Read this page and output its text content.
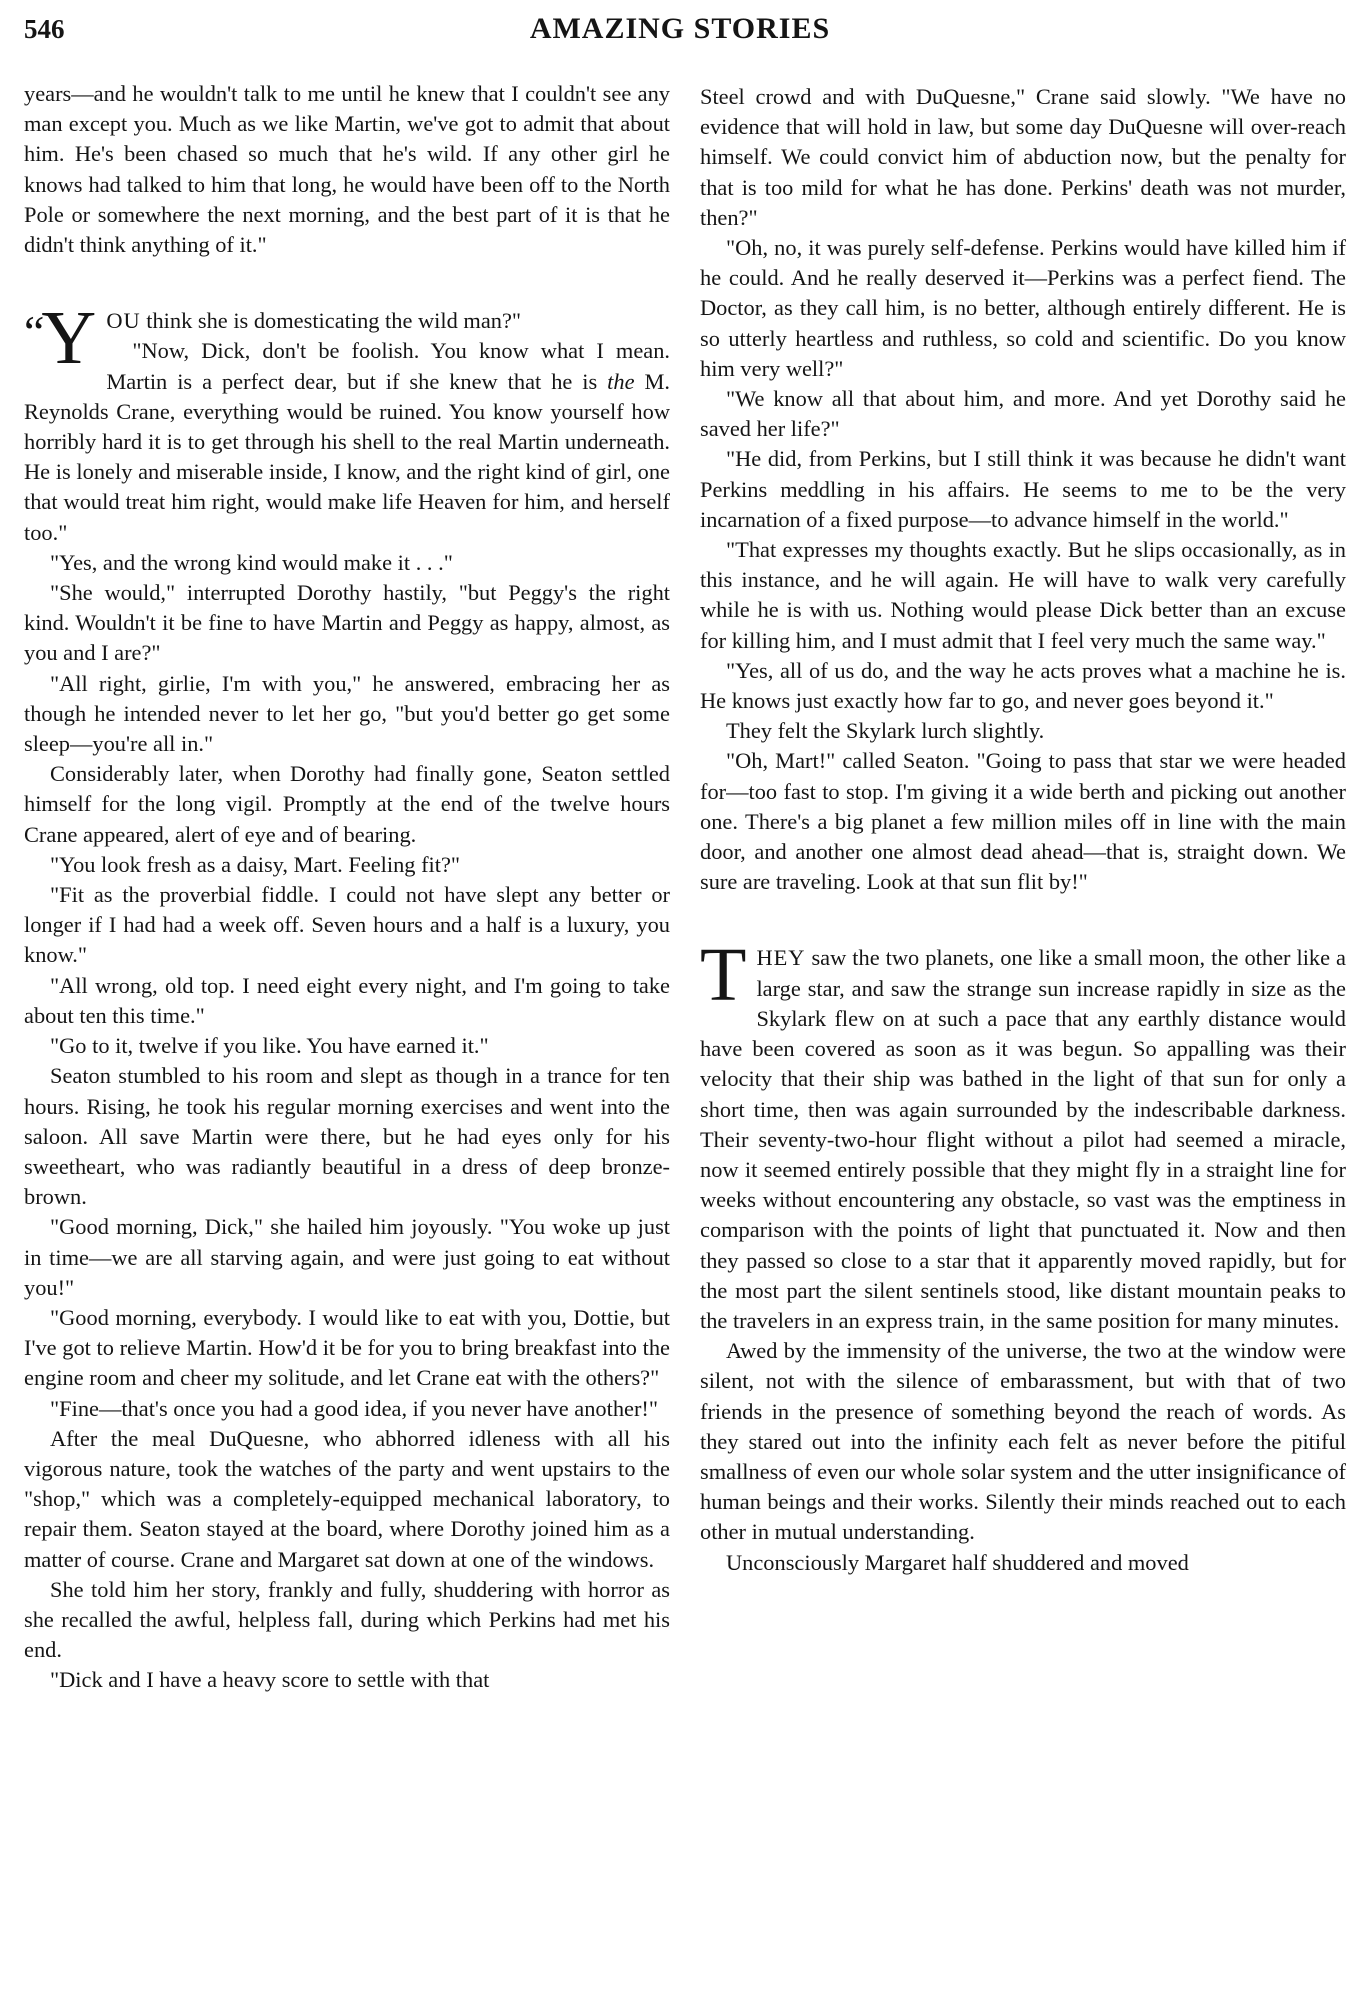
546	AMAZING STORIES

years—and he wouldn't talk to me until he knew that I couldn't see any man except you. Much as we like Martin, we've got to admit that about him. He's been chased so much that he's wild. If any other girl he knows had talked to him that long, he would have been off to the North Pole or somewhere the next morning, and the best part of it is that he didn't think anything of it."

“Y OU think she is domesticating the wild man?"

"Now, Dick, don't be foolish. You know what I mean. Martin is a perfect dear, but if she knew that he is the M. Reynolds Crane, everything would be ruined. You know yourself how horribly hard it is to get through his shell to the real Martin underneath. He is lonely and miserable inside, I know, and the right kind of girl, one that would treat him right, would make life Heaven for him, and herself too."

"Yes, and the wrong kind would make it . . ."

"She would," interrupted Dorothy hastily, "but Peggy's the right kind. Wouldn't it be fine to have Martin and Peggy as happy, almost, as you and I are?"

"All right, girlie, I'm with you," he answered, embracing her as though he intended never to let her go, "but you'd better go get some sleep—you're all in."

Considerably later, when Dorothy had finally gone, Seaton settled himself for the long vigil. Promptly at the end of the twelve hours Crane appeared, alert of eye and of bearing.

"You look fresh as a daisy, Mart. Feeling fit?"

"Fit as the proverbial fiddle. I could not have slept any better or longer if I had had a week off. Seven hours and a half is a luxury, you know."

"All wrong, old top. I need eight every night, and I'm going to take about ten this time."

"Go to it, twelve if you like. You have earned it."

Seaton stumbled to his room and slept as though in a trance for ten hours. Rising, he took his regular morning exercises and went into the saloon. All save Martin were there, but he had eyes only for his sweetheart, who was radiantly beautiful in a dress of deep bronze-brown.

"Good morning, Dick," she hailed him joyously. "You woke up just in time—we are all starving again, and were just going to eat without you!"

"Good morning, everybody. I would like to eat with you, Dottie, but I've got to relieve Martin. How'd it be for you to bring breakfast into the engine room and cheer my solitude, and let Crane eat with the others?"

"Fine—that's once you had a good idea, if you never have another!"

After the meal DuQuesne, who abhorred idleness with all his vigorous nature, took the watches of the party and went upstairs to the "shop," which was a completely-equipped mechanical laboratory, to repair them. Seaton stayed at the board, where Dorothy joined him as a matter of course. Crane and Margaret sat down at one of the windows.

She told him her story, frankly and fully, shuddering with horror as she recalled the awful, helpless fall, during which Perkins had met his end.

"Dick and I have a heavy score to settle with that

Steel crowd and with DuQuesne," Crane said slowly. "We have no evidence that will hold in law, but some day DuQuesne will over-reach himself. We could convict him of abduction now, but the penalty for that is too mild for what he has done. Perkins' death was not murder, then?"

"Oh, no, it was purely self-defense. Perkins would have killed him if he could. And he really deserved it—Perkins was a perfect fiend. The Doctor, as they call him, is no better, although entirely different. He is so utterly heartless and ruthless, so cold and scientific. Do you know him very well?"

"We know all that about him, and more. And yet Dorothy said he saved her life?"

"He did, from Perkins, but I still think it was because he didn't want Perkins meddling in his affairs. He seems to me to be the very incarnation of a fixed purpose—to advance himself in the world."

"That expresses my thoughts exactly. But he slips occasionally, as in this instance, and he will again. He will have to walk very carefully while he is with us. Nothing would please Dick better than an excuse for killing him, and I must admit that I feel very much the same way."

"Yes, all of us do, and the way he acts proves what a machine he is. He knows just exactly how far to go, and never goes beyond it."

They felt the Skylark lurch slightly.

"Oh, Mart!" called Seaton. "Going to pass that star we were headed for—too fast to stop. I'm giving it a wide berth and picking out another one. There's a big planet a few million miles off in line with the main door, and another one almost dead ahead—that is, straight down. We sure are traveling. Look at that sun flit by!"

THEY saw the two planets, one like a small moon, the other like a large star, and saw the strange sun increase rapidly in size as the Skylark flew on at such a pace that any earthly distance would have been covered as soon as it was begun. So appalling was their velocity that their ship was bathed in the light of that sun for only a short time, then was again surrounded by the indescribable darkness. Their seventy-two-hour flight without a pilot had seemed a miracle, now it seemed entirely possible that they might fly in a straight line for weeks without encountering any obstacle, so vast was the emptiness in comparison with the points of light that punctuated it. Now and then they passed so close to a star that it apparently moved rapidly, but for the most part the silent sentinels stood, like distant mountain peaks to the travelers in an express train, in the same position for many minutes.

Awed by the immensity of the universe, the two at the window were silent, not with the silence of embarassment, but with that of two friends in the presence of something beyond the reach of words. As they stared out into the infinity each felt as never before the pitiful smallness of even our whole solar system and the utter insignificance of human beings and their works. Silently their minds reached out to each other in mutual understanding.

Unconsciously Margaret half shuddered and moved
